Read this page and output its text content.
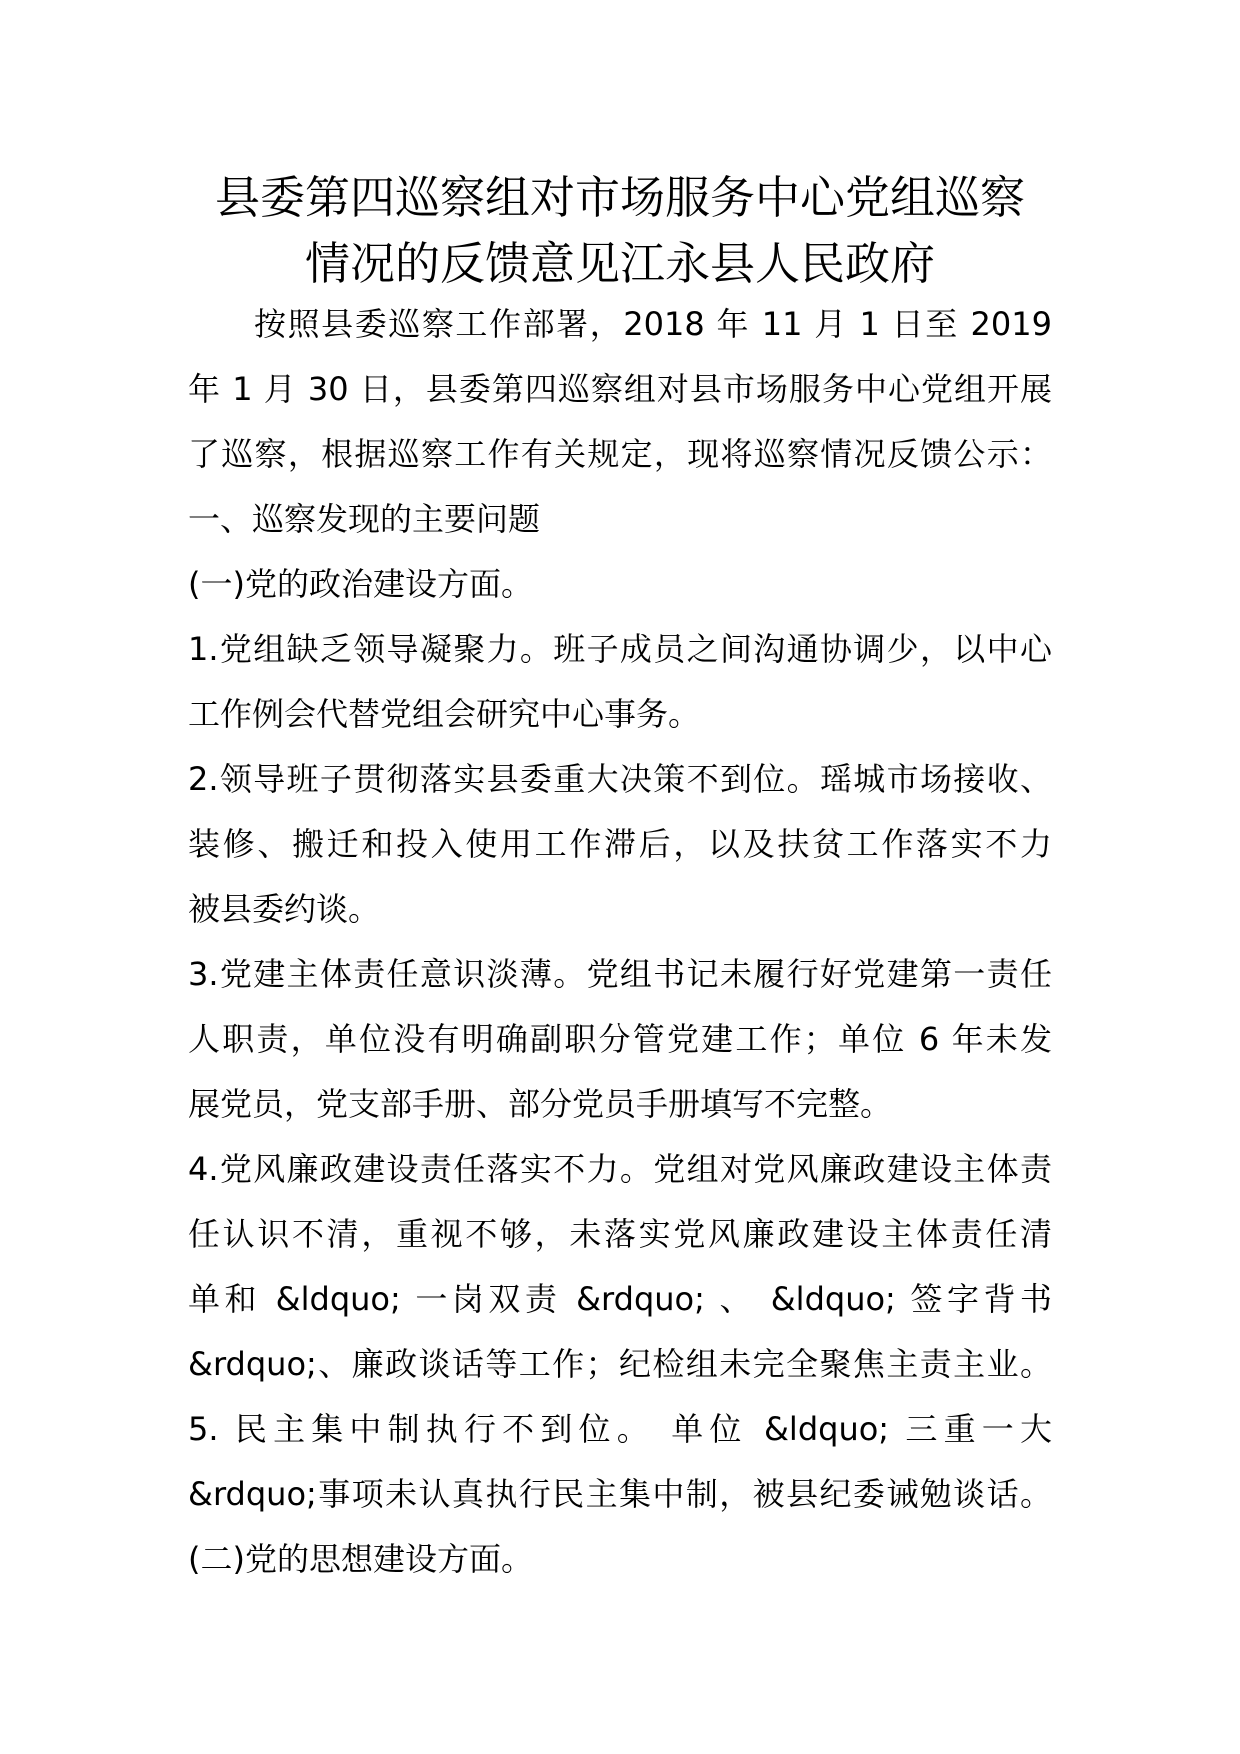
县委第四巡察组对市场服务中心党组巡察
情况的反馈意见江永县人民政府
按照县委巡察工作部署，2018 年 11 月 1 日至 2019
年 1 月 30 日，县委第四巡察组对县市场服务中心党组开展
了巡察，根据巡察工作有关规定，现将巡察情况反馈公示：
一、巡察发现的主要问题
(一)党的政治建设方面。
1.党组缺乏领导凝聚力。班子成员之间沟通协调少，以中心
工作例会代替党组会研究中心事务。
2.领导班子贯彻落实县委重大决策不到位。瑶城市场接收、
装修、搬迁和投入使用工作滞后，以及扶贫工作落实不力
被县委约谈。
3.党建主体责任意识淡薄。党组书记未履行好党建第一责任
人职责，单位没有明确副职分管党建工作；单位 6 年未发
展党员，党支部手册、部分党员手册填写不完整。
4.党风廉政建设责任落实不力。党组对党风廉政建设主体责
任认识不清，重视不够，未落实党风廉政建设主体责任清
单和 &ldquo; 一岗双责 &rdquo; 、 &ldquo; 签字背书
&rdquo;、廉政谈话等工作；纪检组未完全聚焦主责主业。
5. 民主集中制执行不到位。 单位 &ldquo; 三重一大
&rdquo;事项未认真执行民主集中制，被县纪委诫勉谈话。
(二)党的思想建设方面。
